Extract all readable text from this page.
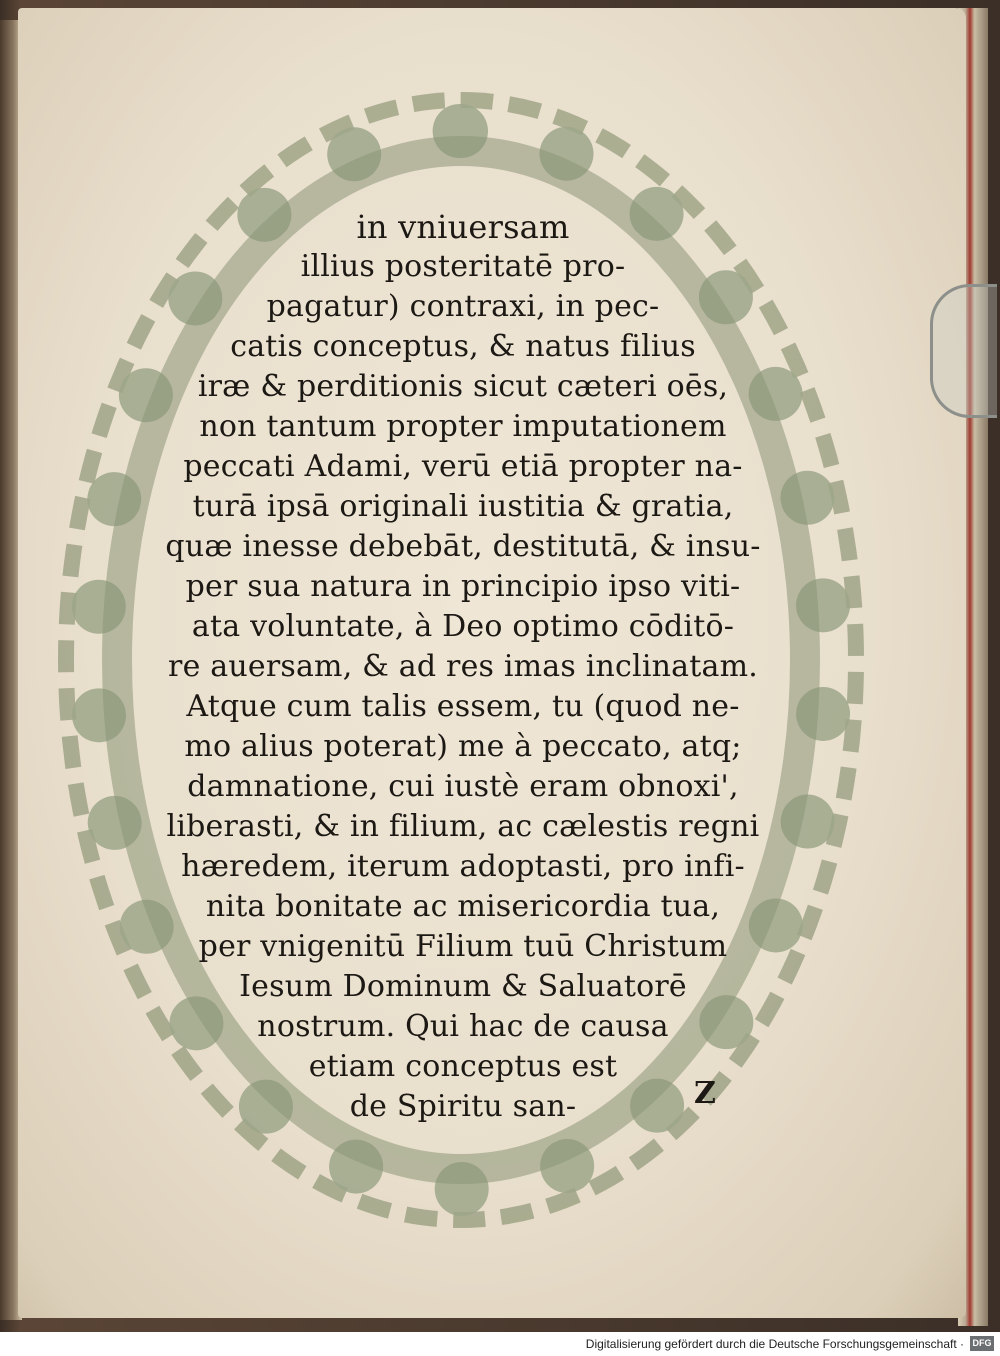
in vniuersam
illius posteritatē pro-
pagatur) contraxi, in pec-
catis conceptus, & natus filius
iræ & perditionis sicut cæteri oēs,
non tantum propter imputationem
peccati Adami, verū etiā propter na-
turā ipsā originali iustitia & gratia,
quæ inesse debebāt, destitutā, & insu-
per sua natura in principio ipso viti-
ata voluntate, à Deo optimo cōditō-
re auersam, & ad res imas inclinatam.
Atque cum talis essem, tu (quod ne-
mo alius poterat) me à peccato, atq;
damnatione, cui iustè eram obnoxi',
liberasti, & in filium, ac cælestis regni
hæredem, iterum adoptasti, pro infi-
nita bonitate ac misericordia tua,
per vnigenitū Filium tuū Christum
Iesum Dominum & Saluatorē
nostrum. Qui hac de causa
etiam conceptus est
de Spiritu san-	Z
Digitalisierung gefördert durch die Deutsche Forschungsgemeinschaft · DFG
